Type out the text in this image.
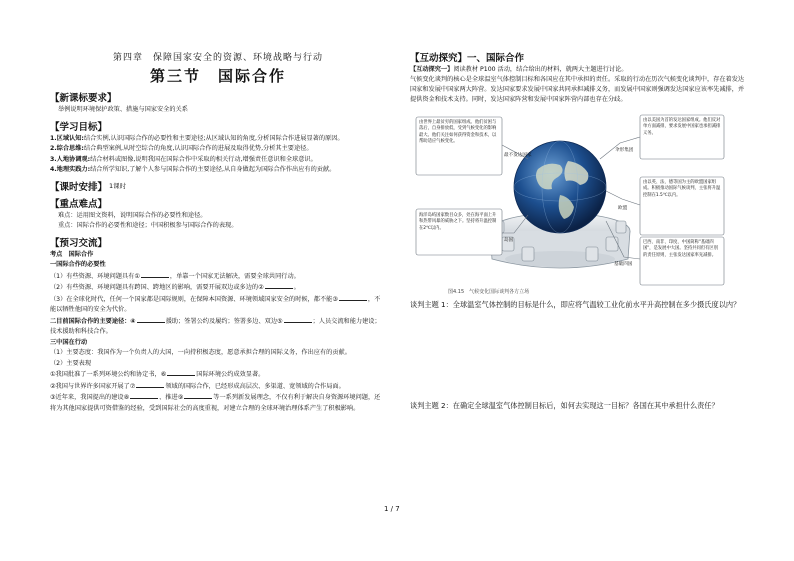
第四章　保障国家安全的资源、环境战略与行动

第三节　国际合作

【新课标要求】

举例说明环境保护政策、措施与国家安全的关系

【学习目标】

1.区域认知:结合实例,认识国际合作的必要性和主要途径;从区域认知的角度,分析国际合作进展显著的原因。

2.综合思维:结合典型案例,从时空综合的角度,认识国际合作的进展及取得优势,分析其主要途径。

3.人地协调观:结合材料或图像,说明我国在国际合作中采取的相关行动,增强责任意识和全球意识。

4.地理实践力:结合所学知识,了解个人参与国际合作的主要途径,从自身做起为国际合作作出应有的贡献。

【课时安排】 1课时
【重点难点】

难点：运用图文资料，说明国际合作的必要性和途径。

重点：国际合作的必要性和途径；中国积极参与国际合作的表现。

【预习交流】

考点　国际合作

一国际合作的必要性

（1）有些资源、环境问题具有①	，单靠一个国家无法解决，需要全球共同行动。

（2）有些资源、环境问题具有跨国、跨地区的影响，需要开展双边或多边的②	。

（3）在全球化时代，任何一个国家都是国际规则，在保障本国资源、环境领域国家安全的时候，都不能③	，不能以牺牲他国的安全为代价。

二目前国际合作的主要途径：④	援助；签署公约及履约；签署多边、双边⑤	；人员交流和能力建设；技术援助和科技合作。

三中国在行动

（1）主要态度：我国作为一个负责人的大国，一向持积极态度，愿意承担合理的国际义务，作出应有的贡献。

（2）主要表现

①我国批准了一系列环境公约和协定书，⑥	国际环境公约成效显著。

②我国与世界许多国家开展了⑦	领域的国际合作，已经形成高层次、多渠道、宽领域的合作局面。

③近年来，我国提出的建设⑧	、推进⑨	等一系列新发展理念，不仅有利于解决自身资源环境问题，还将为其他国家提供可资借鉴的经验，受到国际社会的高度重视，对建立合理的全球环境治理体系产生了积极影响。

【互动探究】一、国际合作

【互动探究一】阅读教材 P100 活动，结合给出的材料，就两大主题进行讨论。

气候变化谈判的核心是全球温室气体控制目标和各国应在其中承担的责任。采取的行动在历次气候变化谈判中，存在着发达国家和发展中国家两大阵营。发达国家要求发展中国家共同承担减排义务，而发展中国家则强调发达国家应该率先减排，并提供资金和技术支持。同时，发达国家阵营和发展中国家阵营内部也存在分歧。

由世界上最贫穷的国家组成。他们贫困与落后，自身排放低，受到气候变化的影响最大。他们关注如何获得资金和技术，以帮助适应气候变化。
最不发达国家
海洋岛屿国家数目众多，处在海平面上升和热带风暴的威胁之下。坚持将升温控制在2℃以内。
岛国
由以美国为首的发达国家组成。他们反对单方面减排，要求发展中国家也承担减排义务。
伞形集团
由以英、法、德等国为主的欧盟国家组成。积极推动国际气候谈判，主张将升温控制在1.5℃以内。
欧盟
巴西、南非、印度、中国简称"基础四国"，是发展中大国。坚持共同但有区别的责任原则，主张发达国家率先减排。
基础四国

图4.15　气候变化国际谈判各方立场

谈判主题 1：全球温室气体控制的目标是什么，即应将气温较工业化前水平升高控制在多少摄氏度以内？

谈判主题 2：在确定全球温室气体控制目标后，如何去实现这一目标？各国在其中承担什么责任？

1 / 7
